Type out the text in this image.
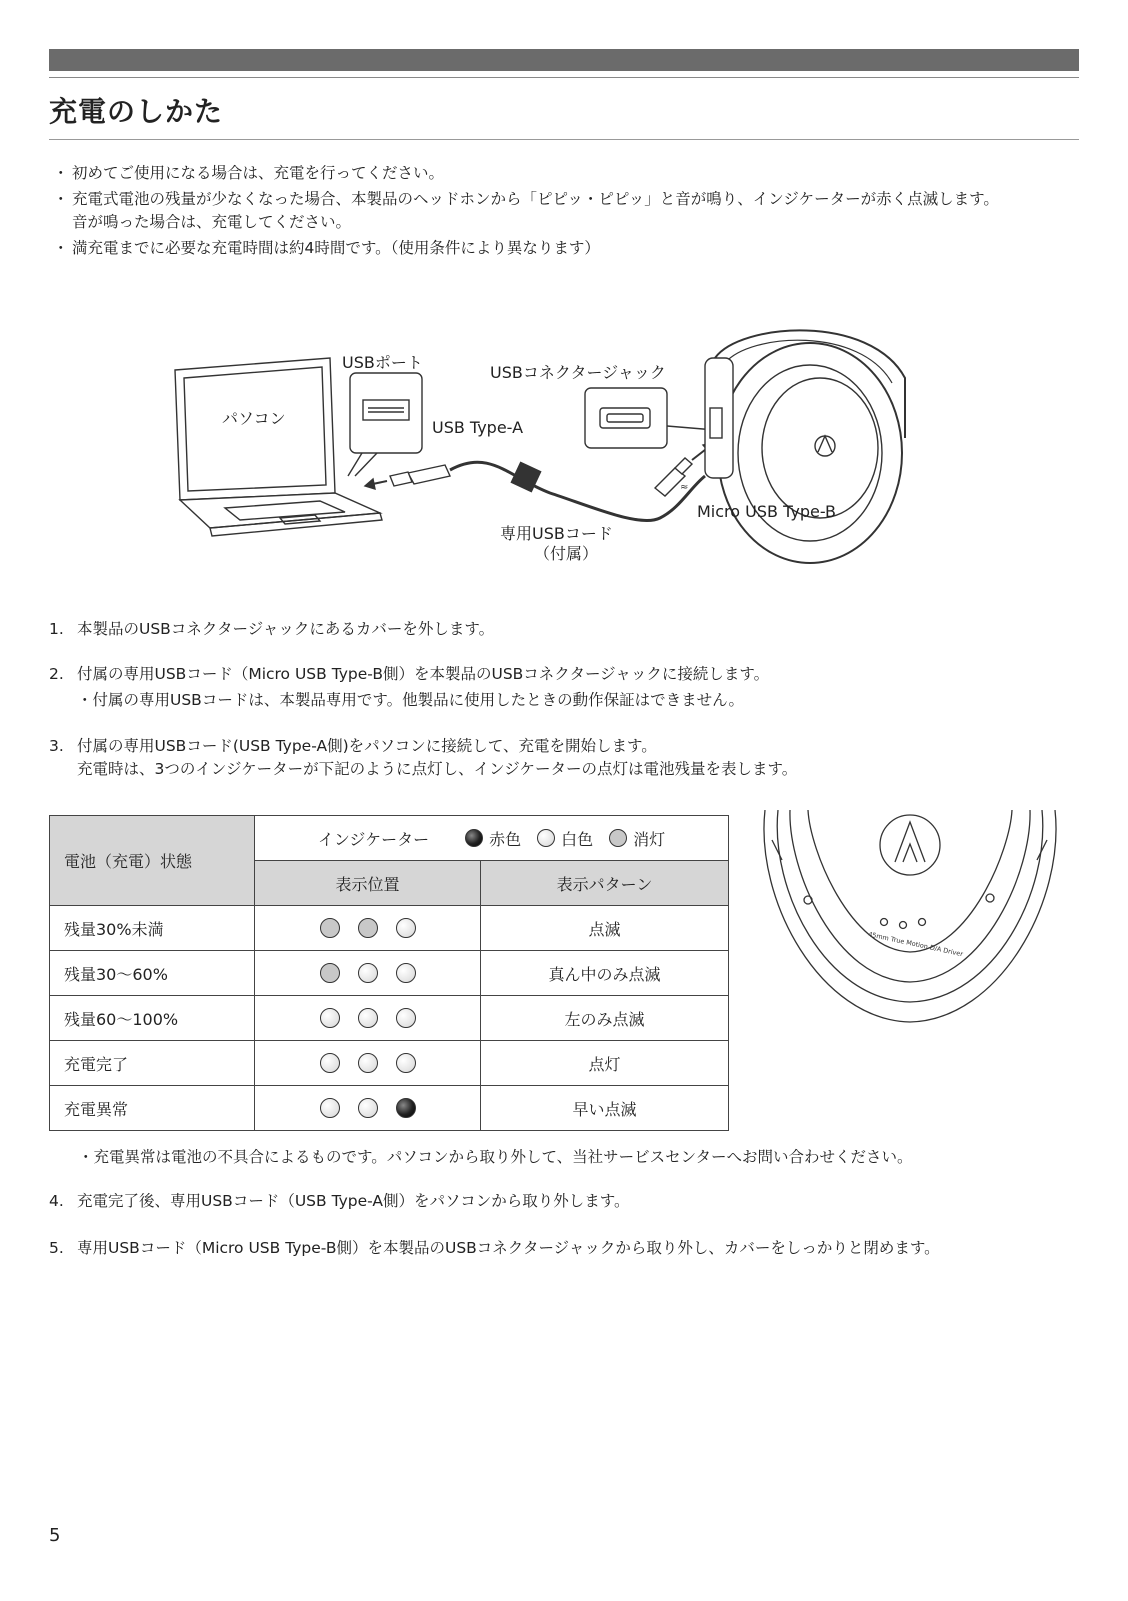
充電のしかた
・ 初めてご使用になる場合は、充電を行ってください。
・ 充電式電池の残量が少なくなった場合、本製品のヘッドホンから「ピピッ・ピピッ」と音が鳴り、インジケーターが赤く点滅します。
音が鳴った場合は、充電してください。
・ 満充電までに必要な充電時間は約4時間です。（使用条件により異なります）
≈
USBポート
パソコン	USB Type-A
USBコネクタージャック
Micro USB Type-B
専用USBコード
（付属）
1. 本製品のUSBコネクタージャックにあるカバーを外します。
2. 付属の専用USBコード（Micro USB Type-B側）を本製品のUSBコネクタージャックに接続します。
・付属の専用USBコードは、本製品専用です。他製品に使用したときの動作保証はできません。
3. 付属の専用USBコード(USB Type-A側)をパソコンに接続して、充電を開始します。
充電時は、3つのインジケーターが下記のように点灯し、インジケーターの点灯は電池残量を表します。
電池（充電）状態	インジケーター 赤色 白色 消灯	

	表示位置	表示パターン
残量30%未満		点滅
残量30〜60%		真ん中のみ点滅
残量60〜100%		左のみ点滅
充電完了		点灯
充電異常		早い点滅
45mm True Motion D/A Driver
・充電異常は電池の不具合によるものです。パソコンから取り外して、当社サービスセンターへお問い合わせください。
4. 充電完了後、専用USBコード（USB Type-A側）をパソコンから取り外します。
5. 専用USBコード（Micro USB Type-B側）を本製品のUSBコネクタージャックから取り外し、カバーをしっかりと閉めます。
5
